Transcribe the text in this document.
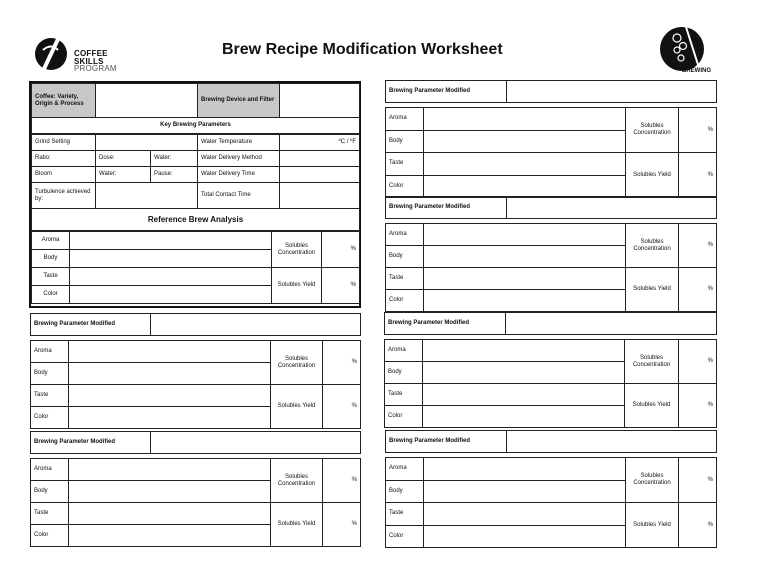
COFFEE
SKILLS
PROGRAM
Brew Recipe Modification Worksheet
BREWING
Coffee: Variety, Origin & Process		Brewing Device and Filter	
Key Brewing Parameters
Grind Setting			Water Temperature	ºC / ºF
Ratio:	Dose:	Water:	Water Delivery Method	
Bloom	Water:	Pause:	Water Delivery Time	
Turbulence achieved by:			Total Contact Time	
Reference Brew Analysis				
Aroma		Solubles Concentration	%
Body			
Taste		Solubles Yield	%
Color			
Brewing Parameter Modified	
Aroma		Solubles Concentration	%
Body			
Taste		Solubles Yield	%
Color			
Brewing Parameter Modified	
Aroma		Solubles Concentration	%
Body			
Taste		Solubles Yield	%
Color			
Brewing Parameter Modified	
Aroma		Solubles Concentration	%
Body			
Taste		Solubles Yield	%
Color			
Brewing Parameter Modified	
Aroma		Solubles Concentration	%
Body			
Taste		Solubles Yield	%
Color			
Brewing Parameter Modified	
Aroma		Solubles Concentration	%
Body			
Taste		Solubles Yield	%
Color			
Brewing Parameter Modified	
Aroma		Solubles Concentration	%
Body			
Taste		Solubles Yield	%
Color			
